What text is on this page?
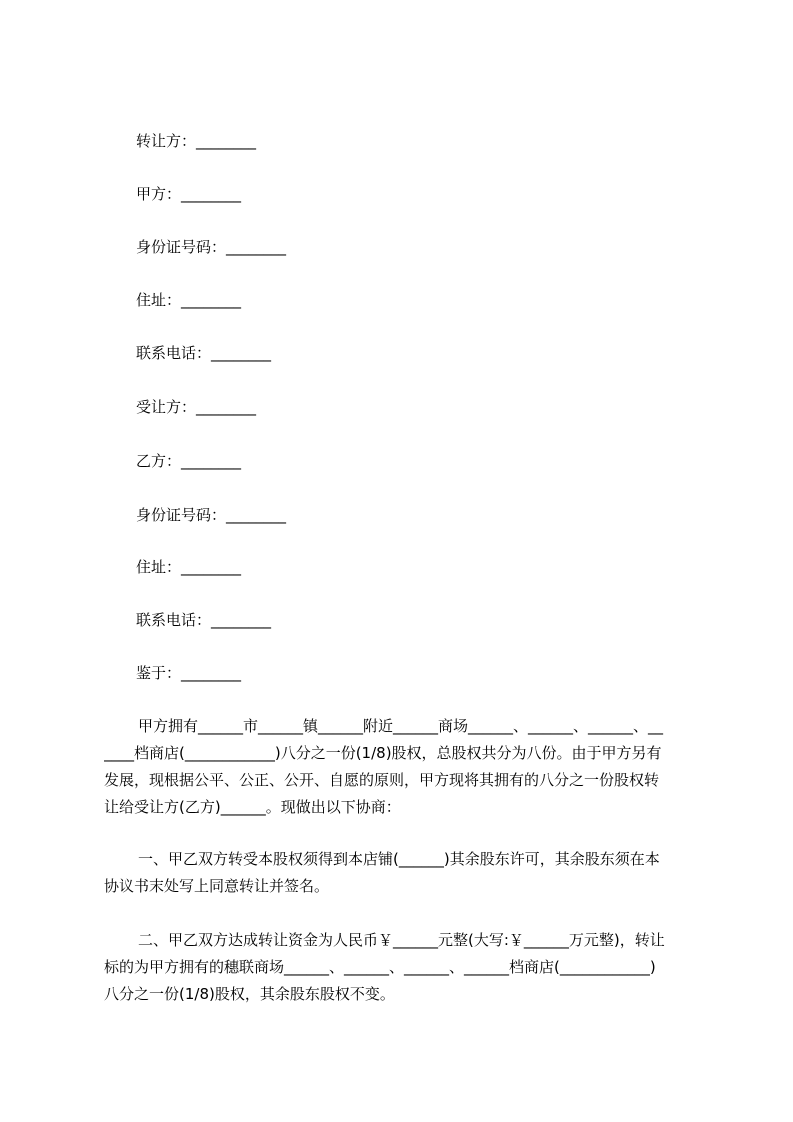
转让方：________
甲方：________
身份证号码：________
住址：________
联系电话：________
受让方：________
乙方：________
身份证号码：________
住址：________
联系电话：________
鉴于：________
甲方拥有______市______镇______附近______商场______、______、______、__
____档商店(____________)八分之一份(1/8)股权，总股权共分为八份。由于甲方另有
发展，现根据公平、公正、公开、自愿的原则，甲方现将其拥有的八分之一份股权转
让给受让方(乙方)______。现做出以下协商：
一、甲乙双方转受本股权须得到本店铺(______)其余股东许可，其余股东须在本
协议书末处写上同意转让并签名。
二、甲乙双方达成转让资金为人民币￥______元整(大写:￥______万元整)，转让
标的为甲方拥有的穗联商场______、______、______、______档商店(____________)
八分之一份(1/8)股权，其余股东股权不变。
